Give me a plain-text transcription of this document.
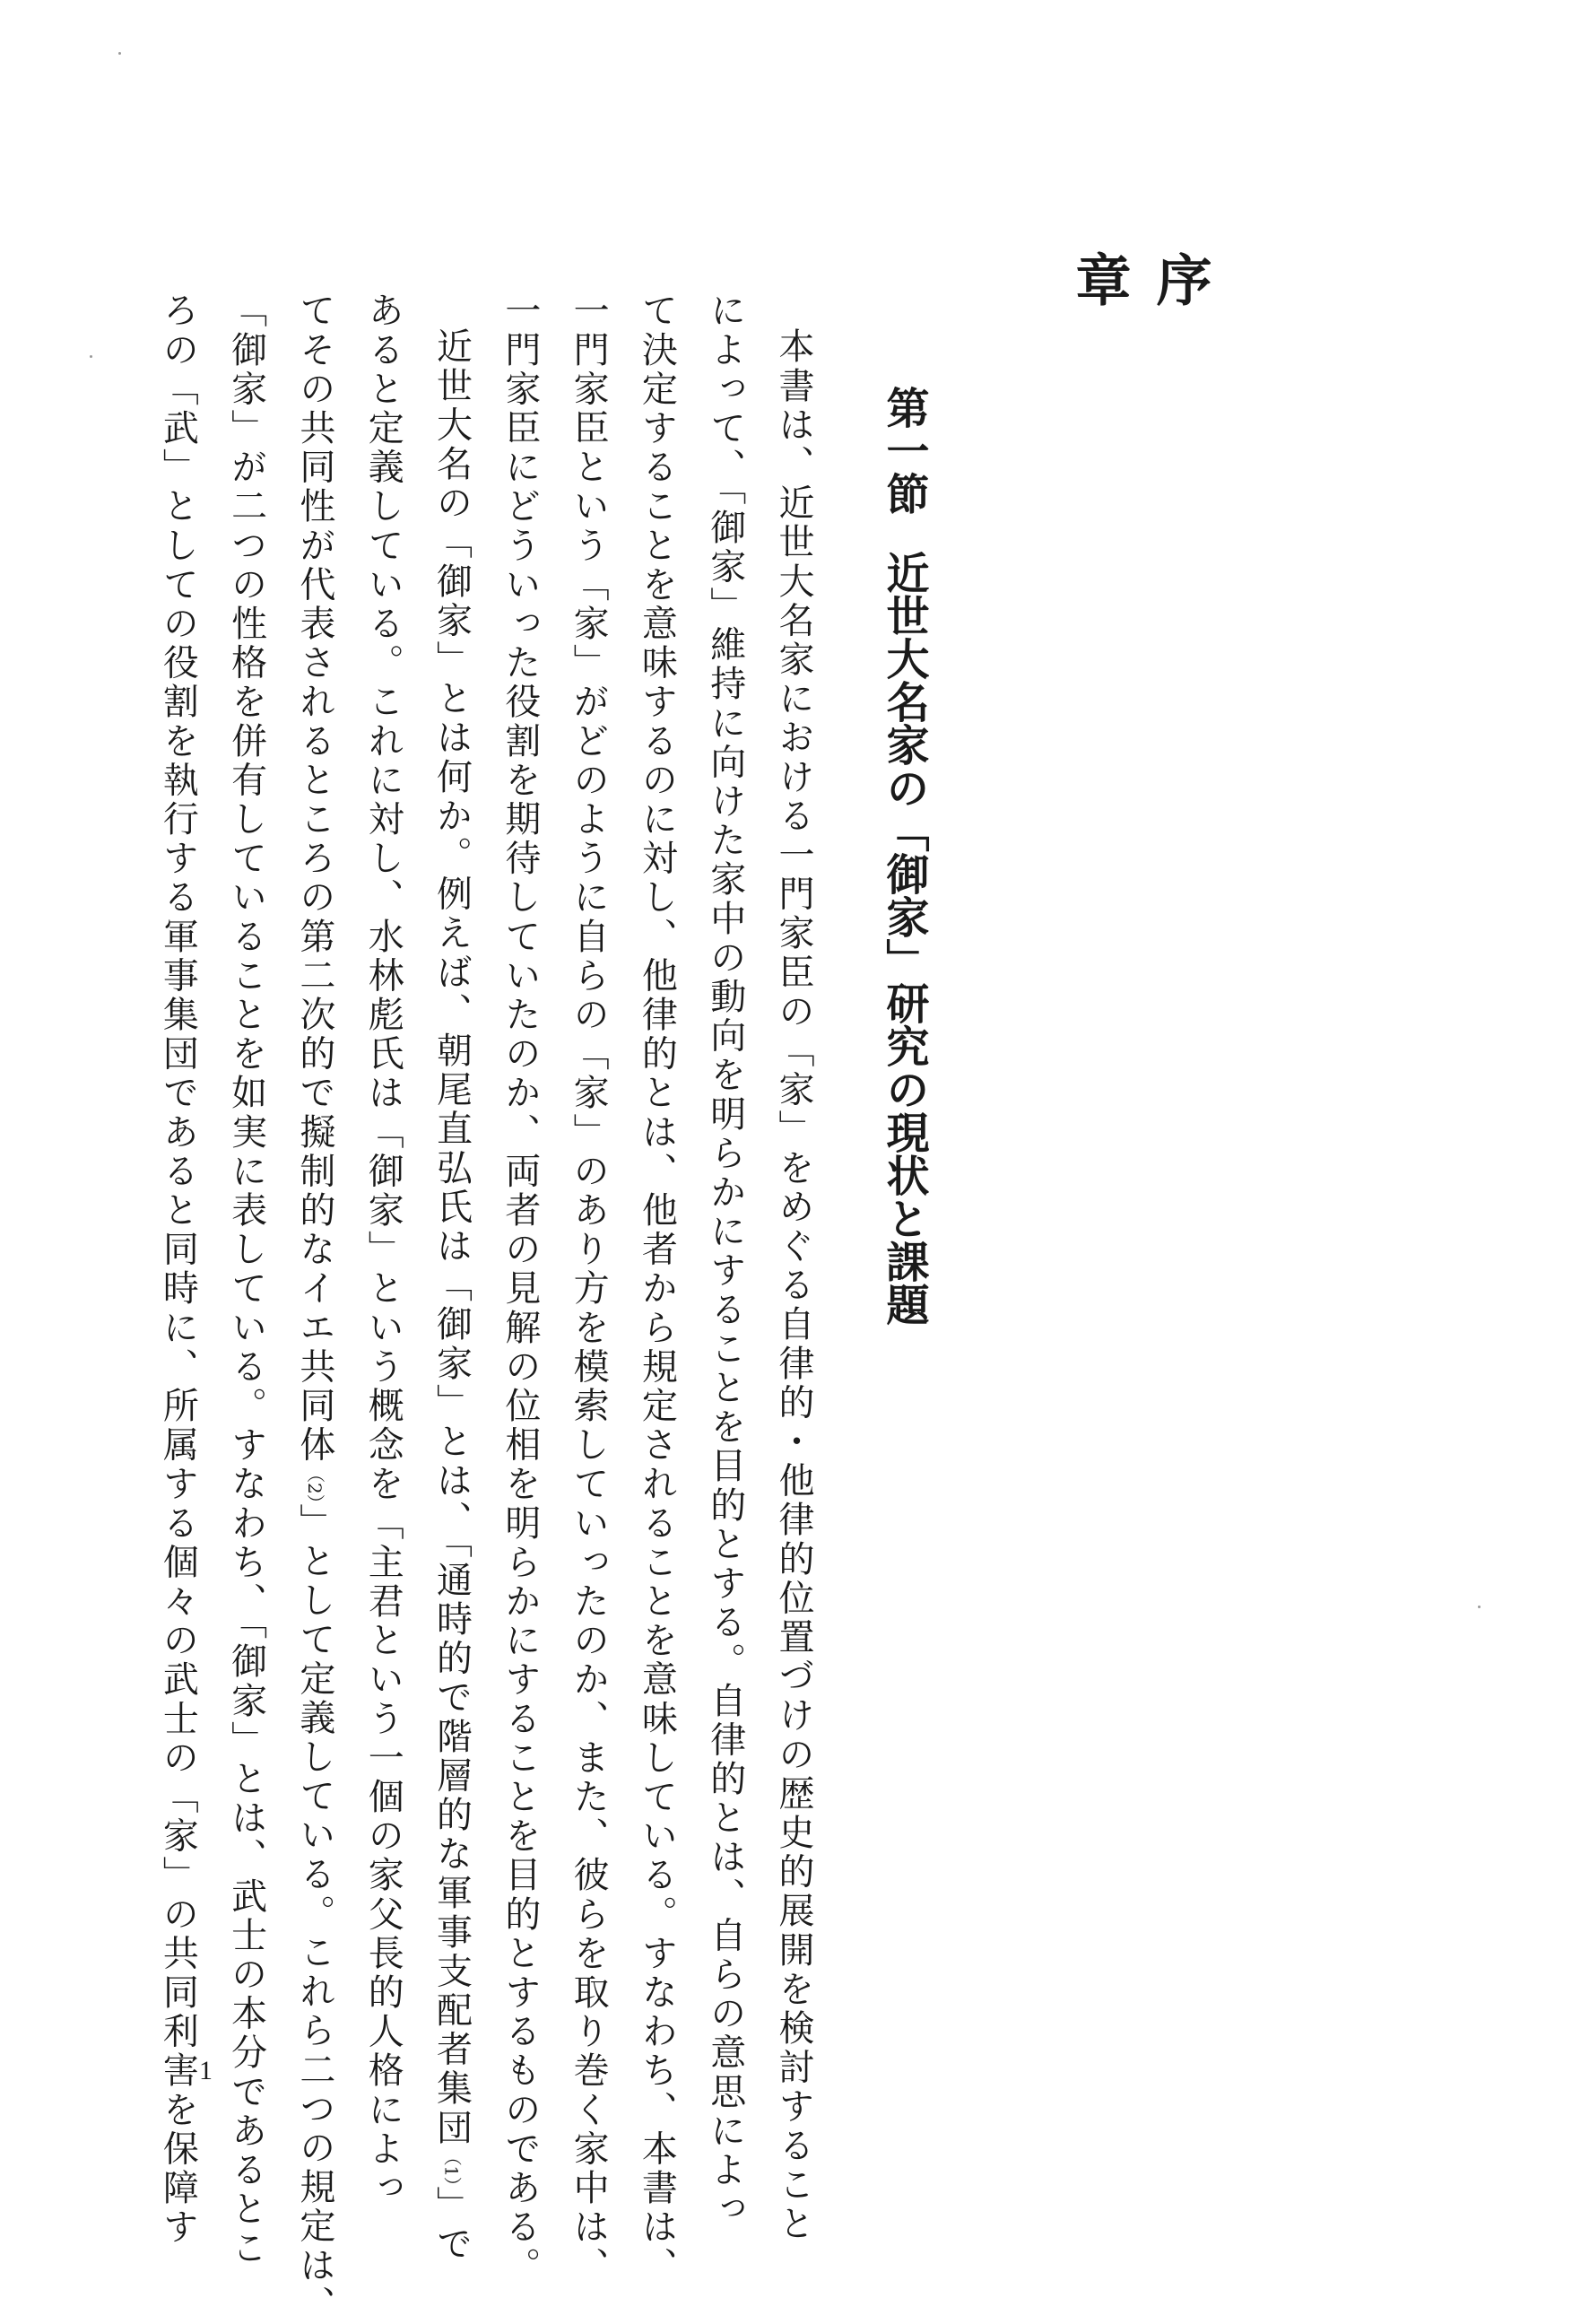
序　章
第一節近世大名家の「御家」研究の現状と課題
本書は、近世大名家における一門家臣の「家」をめぐる自律的・他律的位置づけの歴史的展開を検討すること
によって、「御家」維持に向けた家中の動向を明らかにすることを目的とする。自律的とは、自らの意思によっ
て決定することを意味するのに対し、他律的とは、他者から規定されることを意味している。すなわち、本書は、
一門家臣という「家」がどのように自らの「家」のあり方を模索していったのか、また、彼らを取り巻く家中は、
一門家臣にどういった役割を期待していたのか、両者の見解の位相を明らかにすることを目的とするものである。
近世大名の「御家」とは何か。例えば、朝尾直弘氏は「御家」とは、「通時的で階層的な軍事支配者集団$^{(1)}$」で
あると定義している。これに対し、水林彪氏は「御家」という概念を「主君という一個の家父長的人格によっ
てその共同性が代表されるところの第二次的で擬制的なイエ共同体$^{(2)}$」として定義している。これら二つの規定は、
「御家」が二つの性格を併有していることを如実に表している。すなわち、「御家」とは、武士の本分であるとこ
ろの「武」としての役割を執行する軍事集団であると同時に、所属する個々の武士の「家」の共同利害を保障す 1
